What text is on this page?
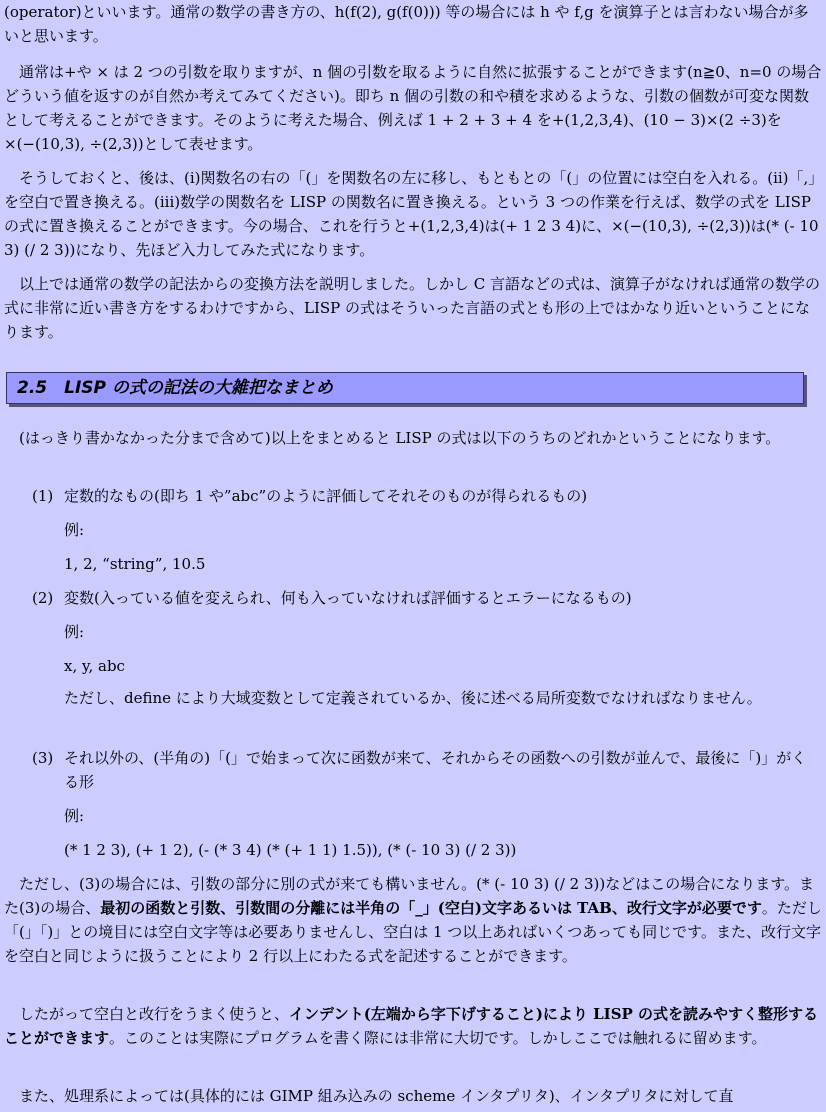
(operator)といいます。通常の数学の書き方の、h(f(2), g(f(0))) 等の場合には h や f,g を演算子とは言わない場合が多いと思います。

　通常は+や × は 2 つの引数を取りますが、n 個の引数を取るように自然に拡張することができます(n≧0、n=0 の場合どういう値を返すのが自然か考えてみてください)。即ち n 個の引数の和や積を求めるような、引数の個数が可変な関数として考えることができます。そのように考えた場合、例えば 1 + 2 + 3 + 4 を+(1,2,3,4)、(10 − 3)×(2 ÷3)を×(−(10,3), ÷(2,3))として表せます。

　そうしておくと、後は、(i)関数名の右の「(」を関数名の左に移し、もともとの「(」の位置には空白を入れる。(ii)「,」を空白で置き換える。(iii)数学の関数名を LISP の関数名に置き換える。という 3 つの作業を行えば、数学の式を LISP の式に置き換えることができます。今の場合、これを行うと+(1,2,3,4)は(+ 1 2 3 4)に、×(−(10,3), ÷(2,3))は(* (- 10 3) (/ 2 3))になり、先ほど入力してみた式になります。

　以上では通常の数学の記法からの変換方法を説明しました。しかし C 言語などの式は、演算子がなければ通常の数学の式に非常に近い書き方をするわけですから、LISP の式はそういった言語の式とも形の上ではかなり近いということになります。

2.5　LISP の式の記法の大雑把なまとめ

　(はっきり書かなかった分まで含めて)以上をまとめると LISP の式は以下のうちのどれかということになります。

(1) 定数的なもの(即ち 1 や”abc”のように評価してそれそのものが得られるもの)
例:
1, 2, “string”, 10.5
(2) 変数(入っている値を変えられ、何も入っていなければ評価するとエラーになるもの)
例:
x, y, abc
ただし、define により大域変数として定義されているか、後に述べる局所変数でなければなりません。
(3) それ以外の、(半角の)「(」で始まって次に函数が来て、それからその函数への引数が並んで、最後に「)」がくる形
例:
(* 1 2 3), (+ 1 2), (- (* 3 4) (* (+ 1 1) 1.5)), (* (- 10 3) (/ 2 3))

　ただし、(3)の場合には、引数の部分に別の式が来ても構いません。(* (- 10 3) (/ 2 3))などはこの場合になります。また(3)の場合、最初の函数と引数、引数間の分離には半角の「_」(空白)文字あるいは TAB、改行文字が必要です。ただし「(」「)」との境目には空白文字等は必要ありませんし、空白は 1 つ以上あればいくつあっても同じです。また、改行文字を空白と同じように扱うことにより 2 行以上にわたる式を記述することができます。

　したがって空白と改行をうまく使うと、インデント(左端から字下げすること)により LISP の式を読みやすく整形することができます。このことは実際にプログラムを書く際には非常に大切です。しかしここでは触れるに留めます。

　また、処理系によっては(具体的には GIMP 組み込みの scheme インタプリタ)、インタプリタに対して直
